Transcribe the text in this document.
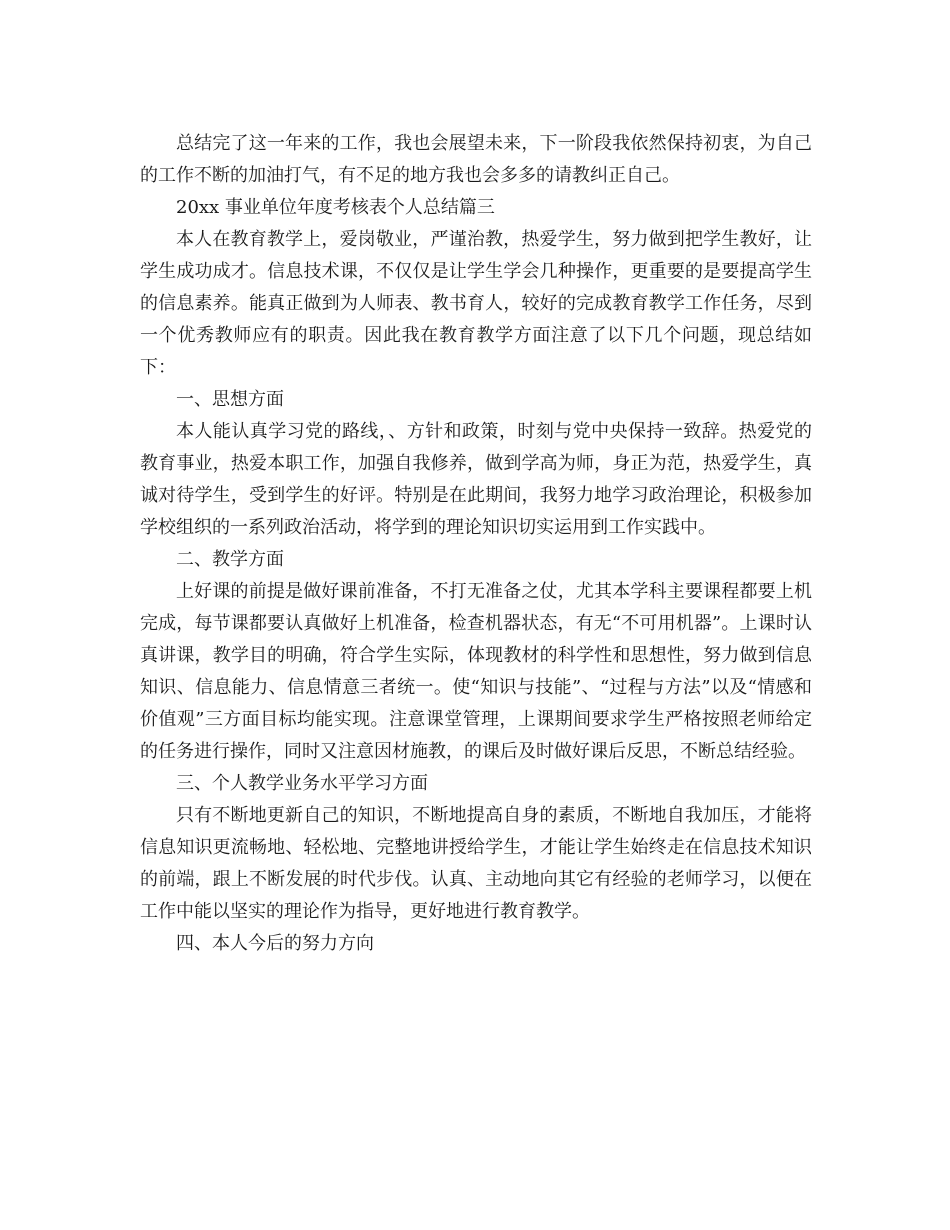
总结完了这一年来的工作，我也会展望未来，下一阶段我依然保持初衷，为自己的工作不断的加油打气，有不足的地方我也会多多的请教纠正自己。

20xx 事业单位年度考核表个人总结篇三

本人在教育教学上，爱岗敬业，严谨治教，热爱学生，努力做到把学生教好，让学生成功成才。信息技术课，不仅仅是让学生学会几种操作，更重要的是要提高学生的信息素养。能真正做到为人师表、教书育人，较好的完成教育教学工作任务，尽到一个优秀教师应有的职责。因此我在教育教学方面注意了以下几个问题，现总结如下：

一、思想方面

本人能认真学习党的路线，、方针和政策，时刻与党中央保持一致辞。热爱党的教育事业，热爱本职工作，加强自我修养，做到学高为师，身正为范，热爱学生，真诚对待学生，受到学生的好评。特别是在此期间，我努力地学习政治理论，积极参加学校组织的一系列政治活动，将学到的理论知识切实运用到工作实践中。

二、教学方面

上好课的前提是做好课前准备，不打无准备之仗，尤其本学科主要课程都要上机完成，每节课都要认真做好上机准备，检查机器状态，有无“不可用机器”。上课时认真讲课，教学目的明确，符合学生实际，体现教材的科学性和思想性，努力做到信息知识、信息能力、信息情意三者统一。使“知识与技能”、“过程与方法”以及“情感和价值观”三方面目标均能实现。注意课堂管理，上课期间要求学生严格按照老师给定的任务进行操作，同时又注意因材施教，的课后及时做好课后反思，不断总结经验。

三、个人教学业务水平学习方面

只有不断地更新自己的知识，不断地提高自身的素质，不断地自我加压，才能将信息知识更流畅地、轻松地、完整地讲授给学生，才能让学生始终走在信息技术知识的前端，跟上不断发展的时代步伐。认真、主动地向其它有经验的老师学习，以便在工作中能以坚实的理论作为指导，更好地进行教育教学。

四、本人今后的努力方向
